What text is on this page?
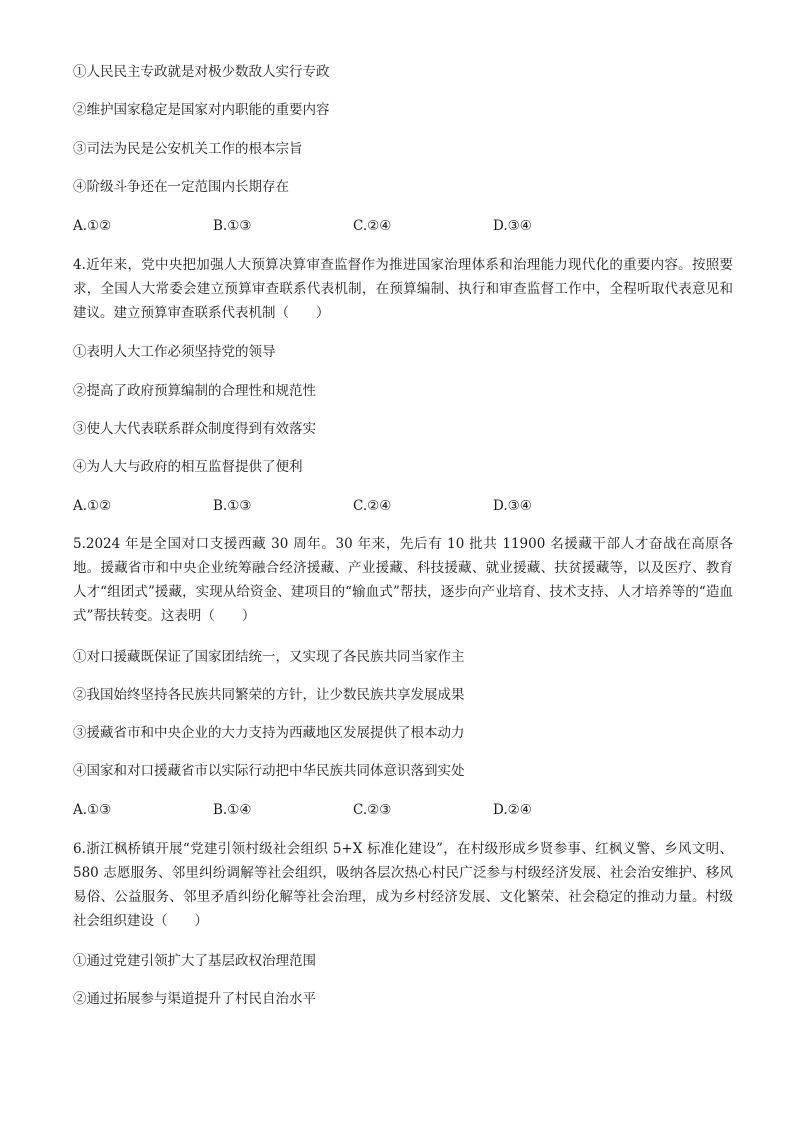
①人民民主专政就是对极少数敌人实行专政
②维护国家稳定是国家对内职能的重要内容
③司法为民是公安机关工作的根本宗旨
④阶级斗争还在一定范围内长期存在
A.①②	B.①③	C.②④	D.③④
4.近年来，党中央把加强人大预算决算审查监督作为推进国家治理体系和治理能力现代化的重要内容。按照要求，全国人大常委会建立预算审查联系代表机制，在预算编制、执行和审查监督工作中，全程听取代表意见和建议。建立预算审查联系代表机制（　　）
①表明人大工作必须坚持党的领导
②提高了政府预算编制的合理性和规范性
③使人大代表联系群众制度得到有效落实
④为人大与政府的相互监督提供了便利
A.①②	B.①③	C.②④	D.③④
5.2024 年是全国对口支援西藏 30 周年。30 年来，先后有 10 批共 11900 名援藏干部人才奋战在高原各地。援藏省市和中央企业统筹融合经济援藏、产业援藏、科技援藏、就业援藏、扶贫援藏等，以及医疗、教育人才“组团式”援藏，实现从给资金、建项目的“输血式”帮扶，逐步向产业培育、技术支持、人才培养等的“造血式”帮扶转变。这表明（　　）
①对口援藏既保证了国家团结统一，又实现了各民族共同当家作主
②我国始终坚持各民族共同繁荣的方针，让少数民族共享发展成果
③援藏省市和中央企业的大力支持为西藏地区发展提供了根本动力
④国家和对口援藏省市以实际行动把中华民族共同体意识落到实处
A.①③	B.①④	C.②③	D.②④
6.浙江枫桥镇开展“党建引领村级社会组织 5+X 标准化建设”，在村级形成乡贤参事、红枫义警、乡风文明、580 志愿服务、邻里纠纷调解等社会组织，吸纳各层次热心村民广泛参与村级经济发展、社会治安维护、移风易俗、公益服务、邻里矛盾纠纷化解等社会治理，成为乡村经济发展、文化繁荣、社会稳定的推动力量。村级社会组织建设（　　）
①通过党建引领扩大了基层政权治理范围
②通过拓展参与渠道提升了村民自治水平
